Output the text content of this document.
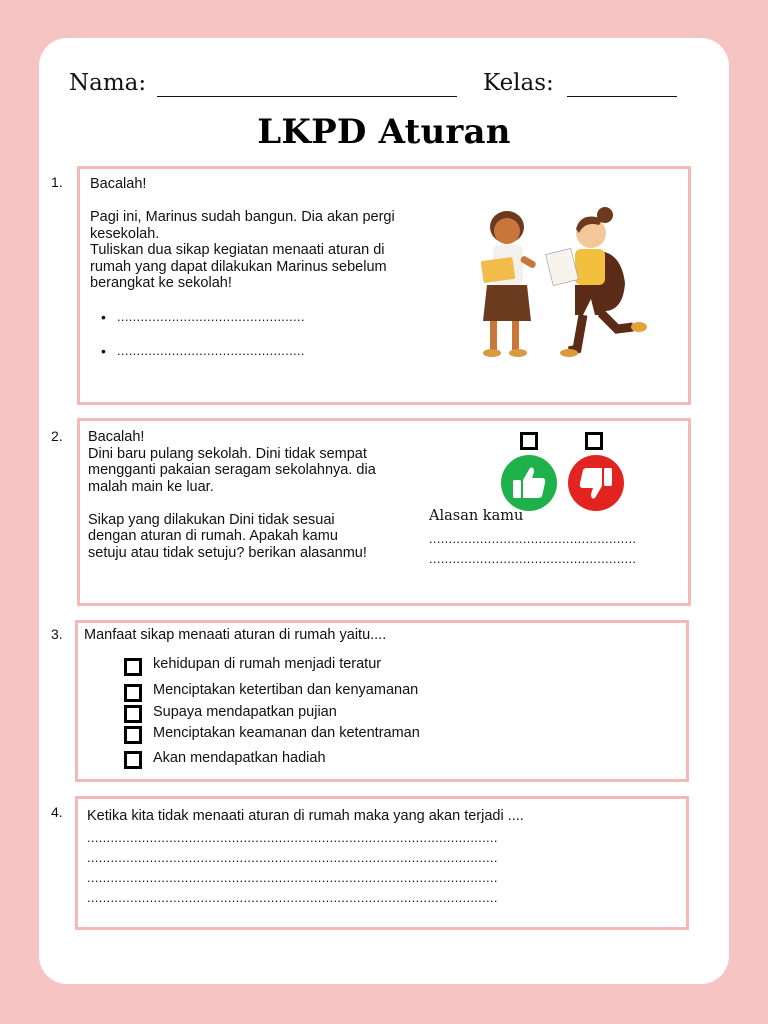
Nama:	Kelas:
LKPD Aturan
1. Bacalah!
Pagi ini, Marinus sudah bangun. Dia akan pergi
kesekolah.
Tuliskan dua sikap kegiatan menaati aturan di
rumah yang dapat dilakukan Marinus sebelum
berangkat ke sekolah!
• ................................................
• ................................................
2. Bacalah!
Dini baru pulang sekolah. Dini tidak sempat
mengganti pakaian seragam sekolahnya. dia
malah main ke luar.

Sikap yang dilakukan Dini tidak sesuai
dengan aturan di rumah. Apakah kamu
setuju atau tidak setuju? berikan alasanmu!
Alasan kamu
.....................................................
.....................................................
3. Manfaat sikap menaati aturan di rumah yaitu....
kehidupan di rumah menjadi teratur
Menciptakan ketertiban dan kenyamanan
Supaya mendapatkan pujian
Menciptakan keamanan dan ketentraman
Akan mendapatkan hadiah
4. Ketika kita tidak menaati aturan di rumah maka yang akan terjadi ....
.........................................................................................................
.........................................................................................................
.........................................................................................................
.........................................................................................................
